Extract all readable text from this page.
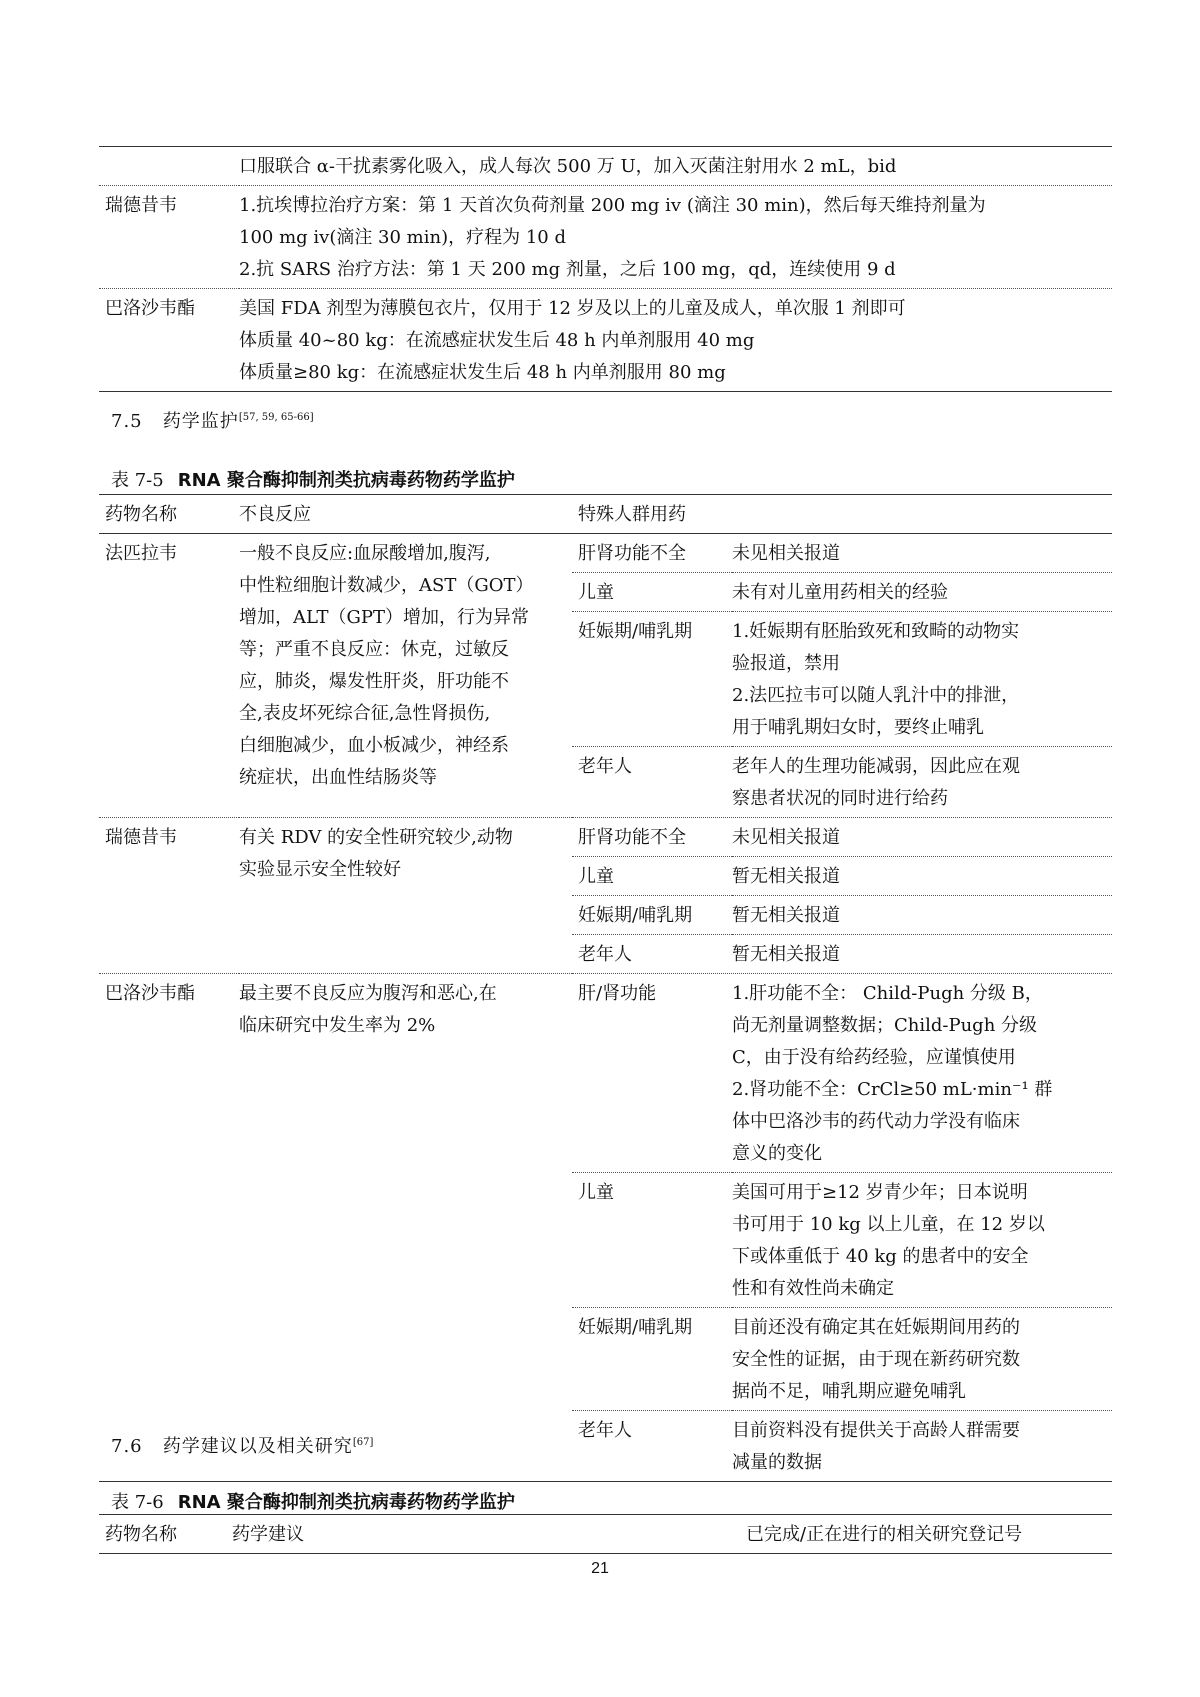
	口服联合 α-干扰素雾化吸入，成人每次 500 万 U，加入灭菌注射用水 2 mL，bid

瑞德昔韦	1.抗埃博拉治疗方案：第 1 天首次负荷剂量 200 mg iv (滴注 30 min)，然后每天维持剂量为
100 mg iv(滴注 30 min)，疗程为 10 d
2.抗 SARS 治疗方法：第 1 天 200 mg 剂量，之后 100 mg，qd，连续使用 9 d

巴洛沙韦酯	美国 FDA 剂型为薄膜包衣片，仅用于 12 岁及以上的儿童及成人，单次服 1 剂即可
体质量 40~80 kg：在流感症状发生后 48 h 内单剂服用 40 mg
体质量≥80 kg：在流感症状发生后 48 h 内单剂服用 80 mg
7.5 药学监护[57, 59, 65-66]
表 7-5 RNA 聚合酶抑制剂类抗病毒药物药学监护
药物名称	不良反应	特殊人群用药
法匹拉韦	一般不良反应:血尿酸增加,腹泻,
中性粒细胞计数减少，AST（GOT）
增加，ALT（GPT）增加，行为异常
等；严重不良反应：休克，过敏反
应，肺炎，爆发性肝炎，肝功能不
全,表皮坏死综合征,急性肾损伤,
白细胞减少，血小板减少，神经系
统症状，出血性结肠炎等

肝肾功能不全	未见相关报道

儿童	未有对儿童用药相关的经验

妊娠期/哺乳期	1.妊娠期有胚胎致死和致畸的动物实
验报道，禁用
2.法匹拉韦可以随人乳汁中的排泄，
用于哺乳期妇女时，要终止哺乳

老年人	老年人的生理功能减弱，因此应在观
察患者状况的同时进行给药

瑞德昔韦	有关 RDV 的安全性研究较少,动物
实验显示安全性较好

肝肾功能不全	未见相关报道

儿童	暂无相关报道

妊娠期/哺乳期	暂无相关报道

老年人	暂无相关报道

巴洛沙韦酯	最主要不良反应为腹泻和恶心,在
临床研究中发生率为 2%

肝/肾功能	1.肝功能不全： Child-Pugh 分级 B，
尚无剂量调整数据；Child-Pugh 分级
C，由于没有给药经验，应谨慎使用
2.肾功能不全：CrCl≥50 mL·min⁻¹ 群
体中巴洛沙韦的药代动力学没有临床
意义的变化

儿童	美国可用于≥12 岁青少年；日本说明
书可用于 10 kg 以上儿童，在 12 岁以
下或体重低于 40 kg 的患者中的安全
性和有效性尚未确定

妊娠期/哺乳期	目前还没有确定其在妊娠期间用药的
安全性的证据，由于现在新药研究数
据尚不足，哺乳期应避免哺乳

老年人	目前资料没有提供关于高龄人群需要
减量的数据
7.6 药学建议以及相关研究[67]
表 7-6 RNA 聚合酶抑制剂类抗病毒药物药学监护
药物名称	药学建议	已完成/正在进行的相关研究登记号
21
